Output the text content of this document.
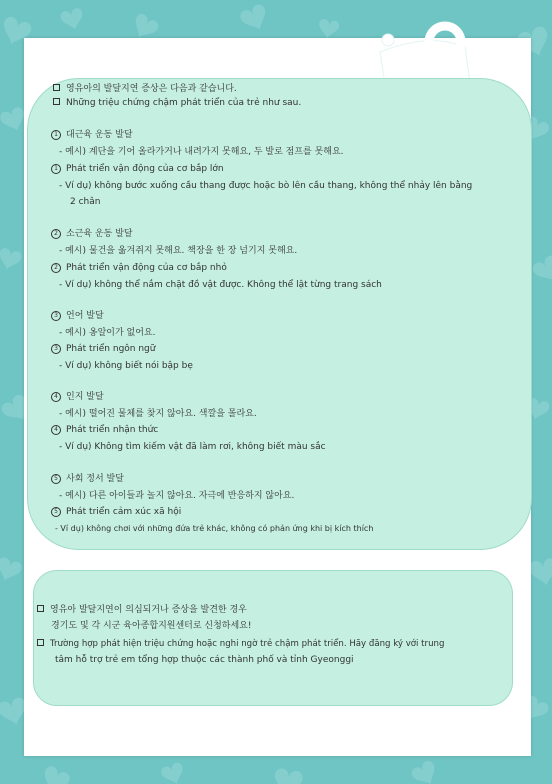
영유아의 발달지연 증상은 다음과 같습니다.
Những triệu chứng chậm phát triển của trẻ như sau.
1 대근육 운동 발달
- 예시) 계단을 기어 올라가거나 내려가지 못해요, 두 발로 점프를 못해요.
1 Phát triển vận động của cơ bắp lớn
- Ví dụ) không bước xuống cầu thang được hoặc bò lên cầu thang, không thể nhảy lên bằng
2 chân
2 소근육 운동 발달
- 예시) 물건을 옮겨쥐지 못해요. 책장을 한 장 넘기지 못해요.
2 Phát triển vận động của cơ bắp nhỏ
- Ví dụ) không thể nắm chặt đồ vật được. Không thể lật từng trang sách
3 언어 발달
- 예시) 옹알이가 없어요.
3 Phát triển ngôn ngữ
- Ví dụ) không biết nói bập bẹ
4 인지 발달
- 예시) 떨어진 물체를 찾지 않아요. 색깔을 몰라요.
4 Phát triển nhận thức
- Ví dụ) Không tìm kiếm vật đã làm rơi, không biết màu sắc
5 사회 정서 발달
- 예시) 다른 아이들과 놀지 않아요. 자극에 반응하지 않아요.
5 Phát triển cảm xúc xã hội
- Ví dụ) không chơi với những đứa trẻ khác, không có phản ứng khi bị kích thích
영유아 발달지연이 의심되거나 증상을 발견한 경우
경기도 및 각 시군 육아종합지원센터로 신청하세요!
Trường hợp phát hiện triệu chứng hoặc nghi ngờ trẻ chậm phát triển. Hãy đăng ký với trung
tâm hỗ trợ trẻ em tổng hợp thuộc các thành phố và tỉnh Gyeonggi
